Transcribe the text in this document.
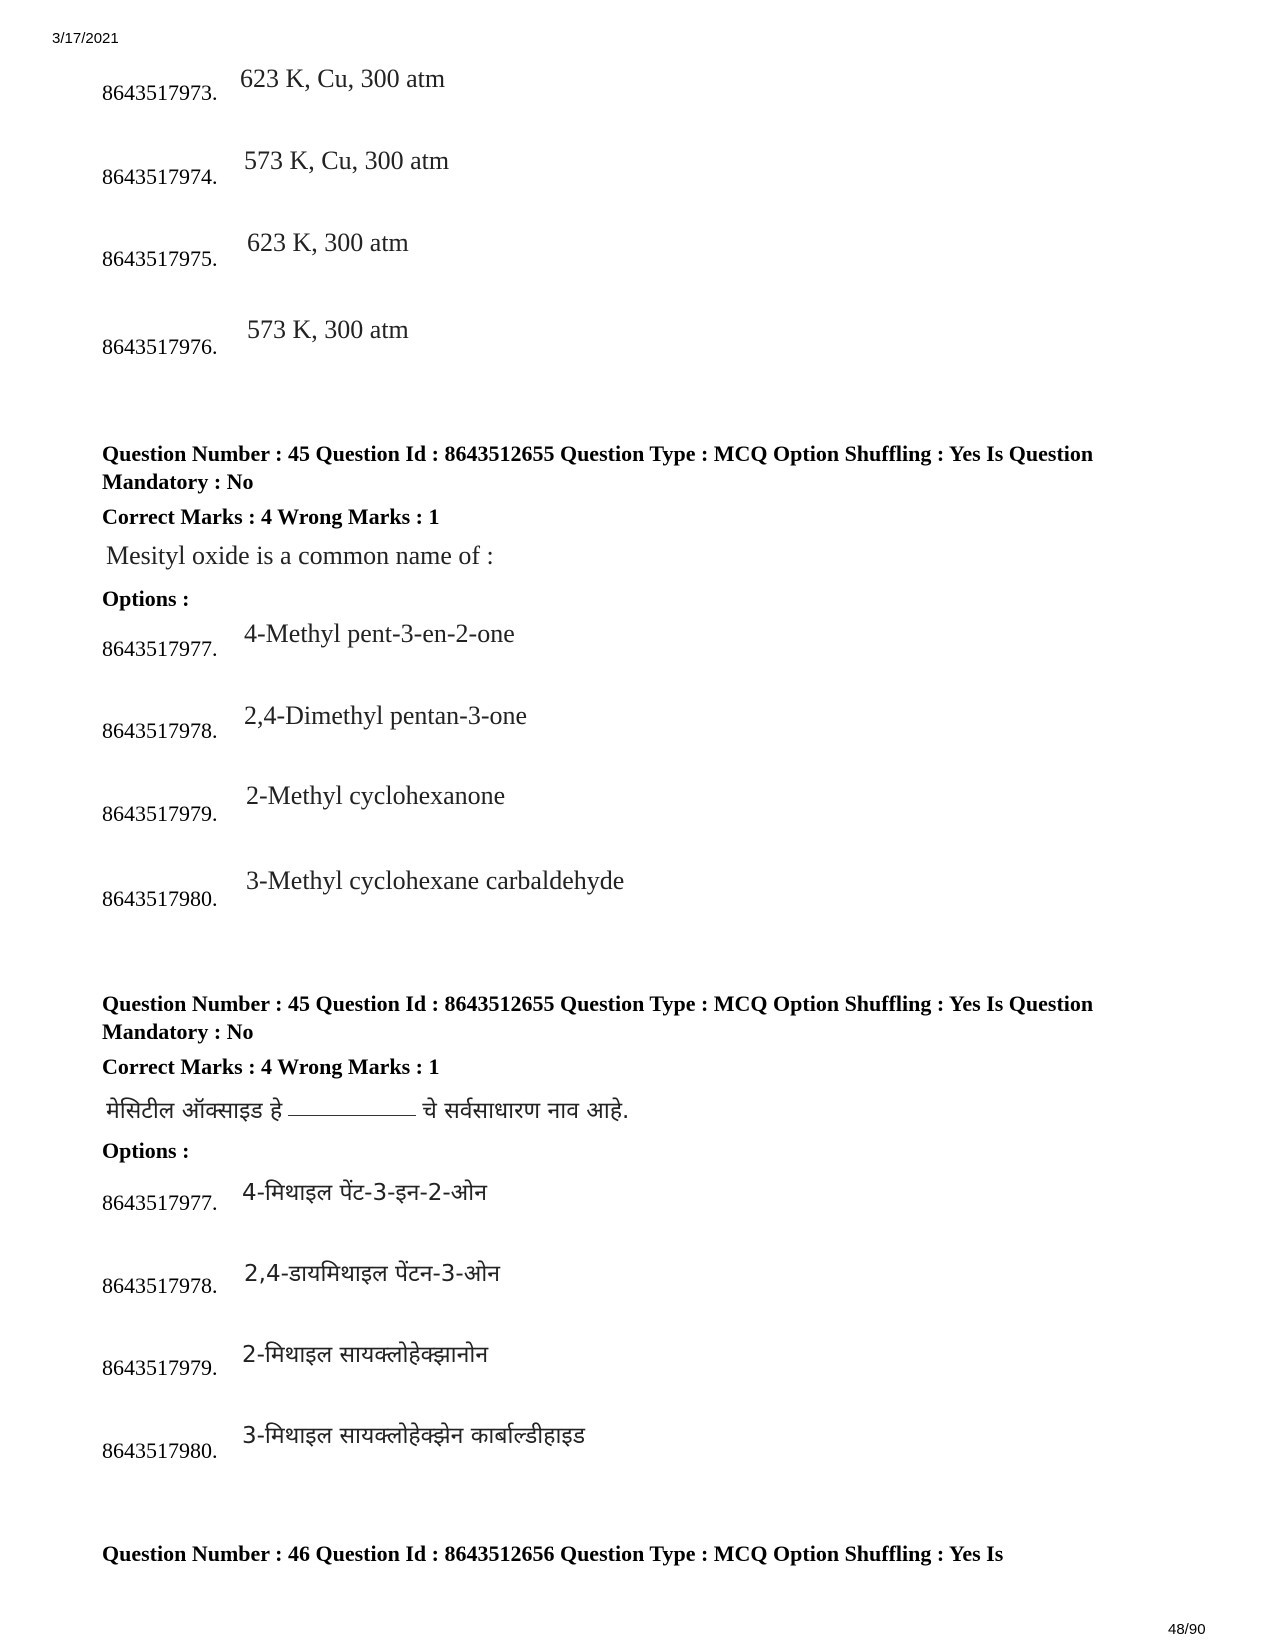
3/17/2021
8643517973. 623 K, Cu, 300 atm
8643517974.
573 K, Cu, 300 atm
8643517975.
623 K, 300 atm
8643517976.
573 K, 300 atm
Question Number : 45 Question Id : 8643512655 Question Type : MCQ Option Shuffling : Yes Is Question Mandatory : No
Correct Marks : 4 Wrong Marks : 1
Mesityl oxide is a common name of :
Options :
8643517977.
4-Methyl pent-3-en-2-one
8643517978.
2,4-Dimethyl pentan-3-one
8643517979.
2-Methyl cyclohexanone
8643517980.
3-Methyl cyclohexane carbaldehyde
Question Number : 45 Question Id : 8643512655 Question Type : MCQ Option Shuffling : Yes Is Question Mandatory : No
Correct Marks : 4 Wrong Marks : 1
मेसिटील ऑक्साइड हे	चे सर्वसाधारण नाव आहे.
Options :
8643517977. 4-मिथाइल पेंट-3-इन-2-ओन
8643517978. 2,4-डायमिथाइल पेंटन-3-ओन
8643517979. 2-मिथाइल सायक्लोहेक्झानोन
8643517980.
3-मिथाइल सायक्लोहेक्झेन कार्बाल्डीहाइड
Question Number : 46 Question Id : 8643512656 Question Type : MCQ Option Shuffling : Yes Is
48/90
